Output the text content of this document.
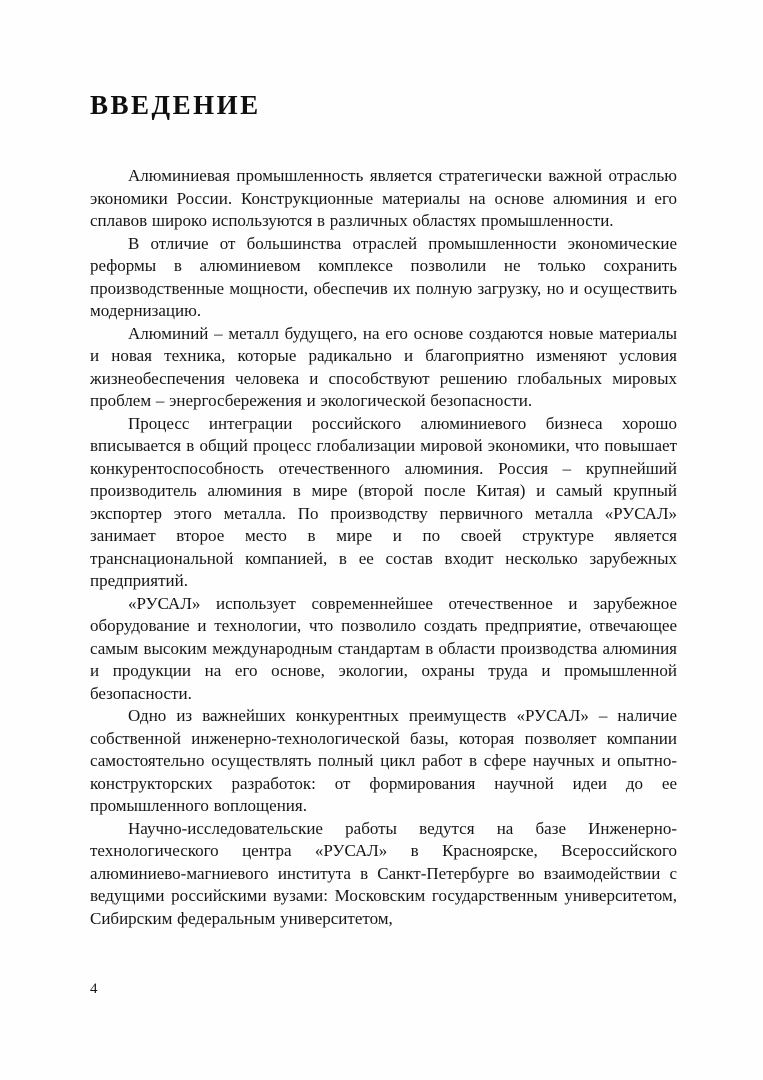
ВВЕДЕНИЕ

Алюминиевая промышленность является стратегически важной отраслью экономики России. Конструкционные материалы на основе алюминия и его сплавов широко используются в различных областях промышленности.

В отличие от большинства отраслей промышленности экономические реформы в алюминиевом комплексе позволили не только сохранить производственные мощности, обеспечив их полную загрузку, но и осуществить модернизацию.

Алюминий – металл будущего, на его основе создаются новые материалы и новая техника, которые радикально и благоприятно изменяют условия жизнеобеспечения человека и способствуют решению глобальных мировых проблем – энергосбережения и экологической безопасности.

Процесс интеграции российского алюминиевого бизнеса хорошо вписывается в общий процесс глобализации мировой экономики, что повышает конкурентоспособность отечественного алюминия. Россия – крупнейший производитель алюминия в мире (второй после Китая) и самый крупный экспортер этого металла. По производству первичного металла «РУСАЛ» занимает второе место в мире и по своей структуре является транснациональной компанией, в ее состав входит несколько зарубежных предприятий.

«РУСАЛ» использует современнейшее отечественное и зарубежное оборудование и технологии, что позволило создать предприятие, отвечающее самым высоким международным стандартам в области производства алюминия и продукции на его основе, экологии, охраны труда и промышленной безопасности.

Одно из важнейших конкурентных преимуществ «РУСАЛ» – наличие собственной инженерно-технологической базы, которая позволяет компании самостоятельно осуществлять полный цикл работ в сфере научных и опытно-конструкторских разработок: от формирования научной идеи до ее промышленного воплощения.

Научно-исследовательские работы ведутся на базе Инженерно-технологического центра «РУСАЛ» в Красноярске, Всероссийского алюминиево-магниевого института в Санкт-Петербурге во взаимодействии с ведущими российскими вузами: Московским государственным университетом, Сибирским федеральным университетом,

4
